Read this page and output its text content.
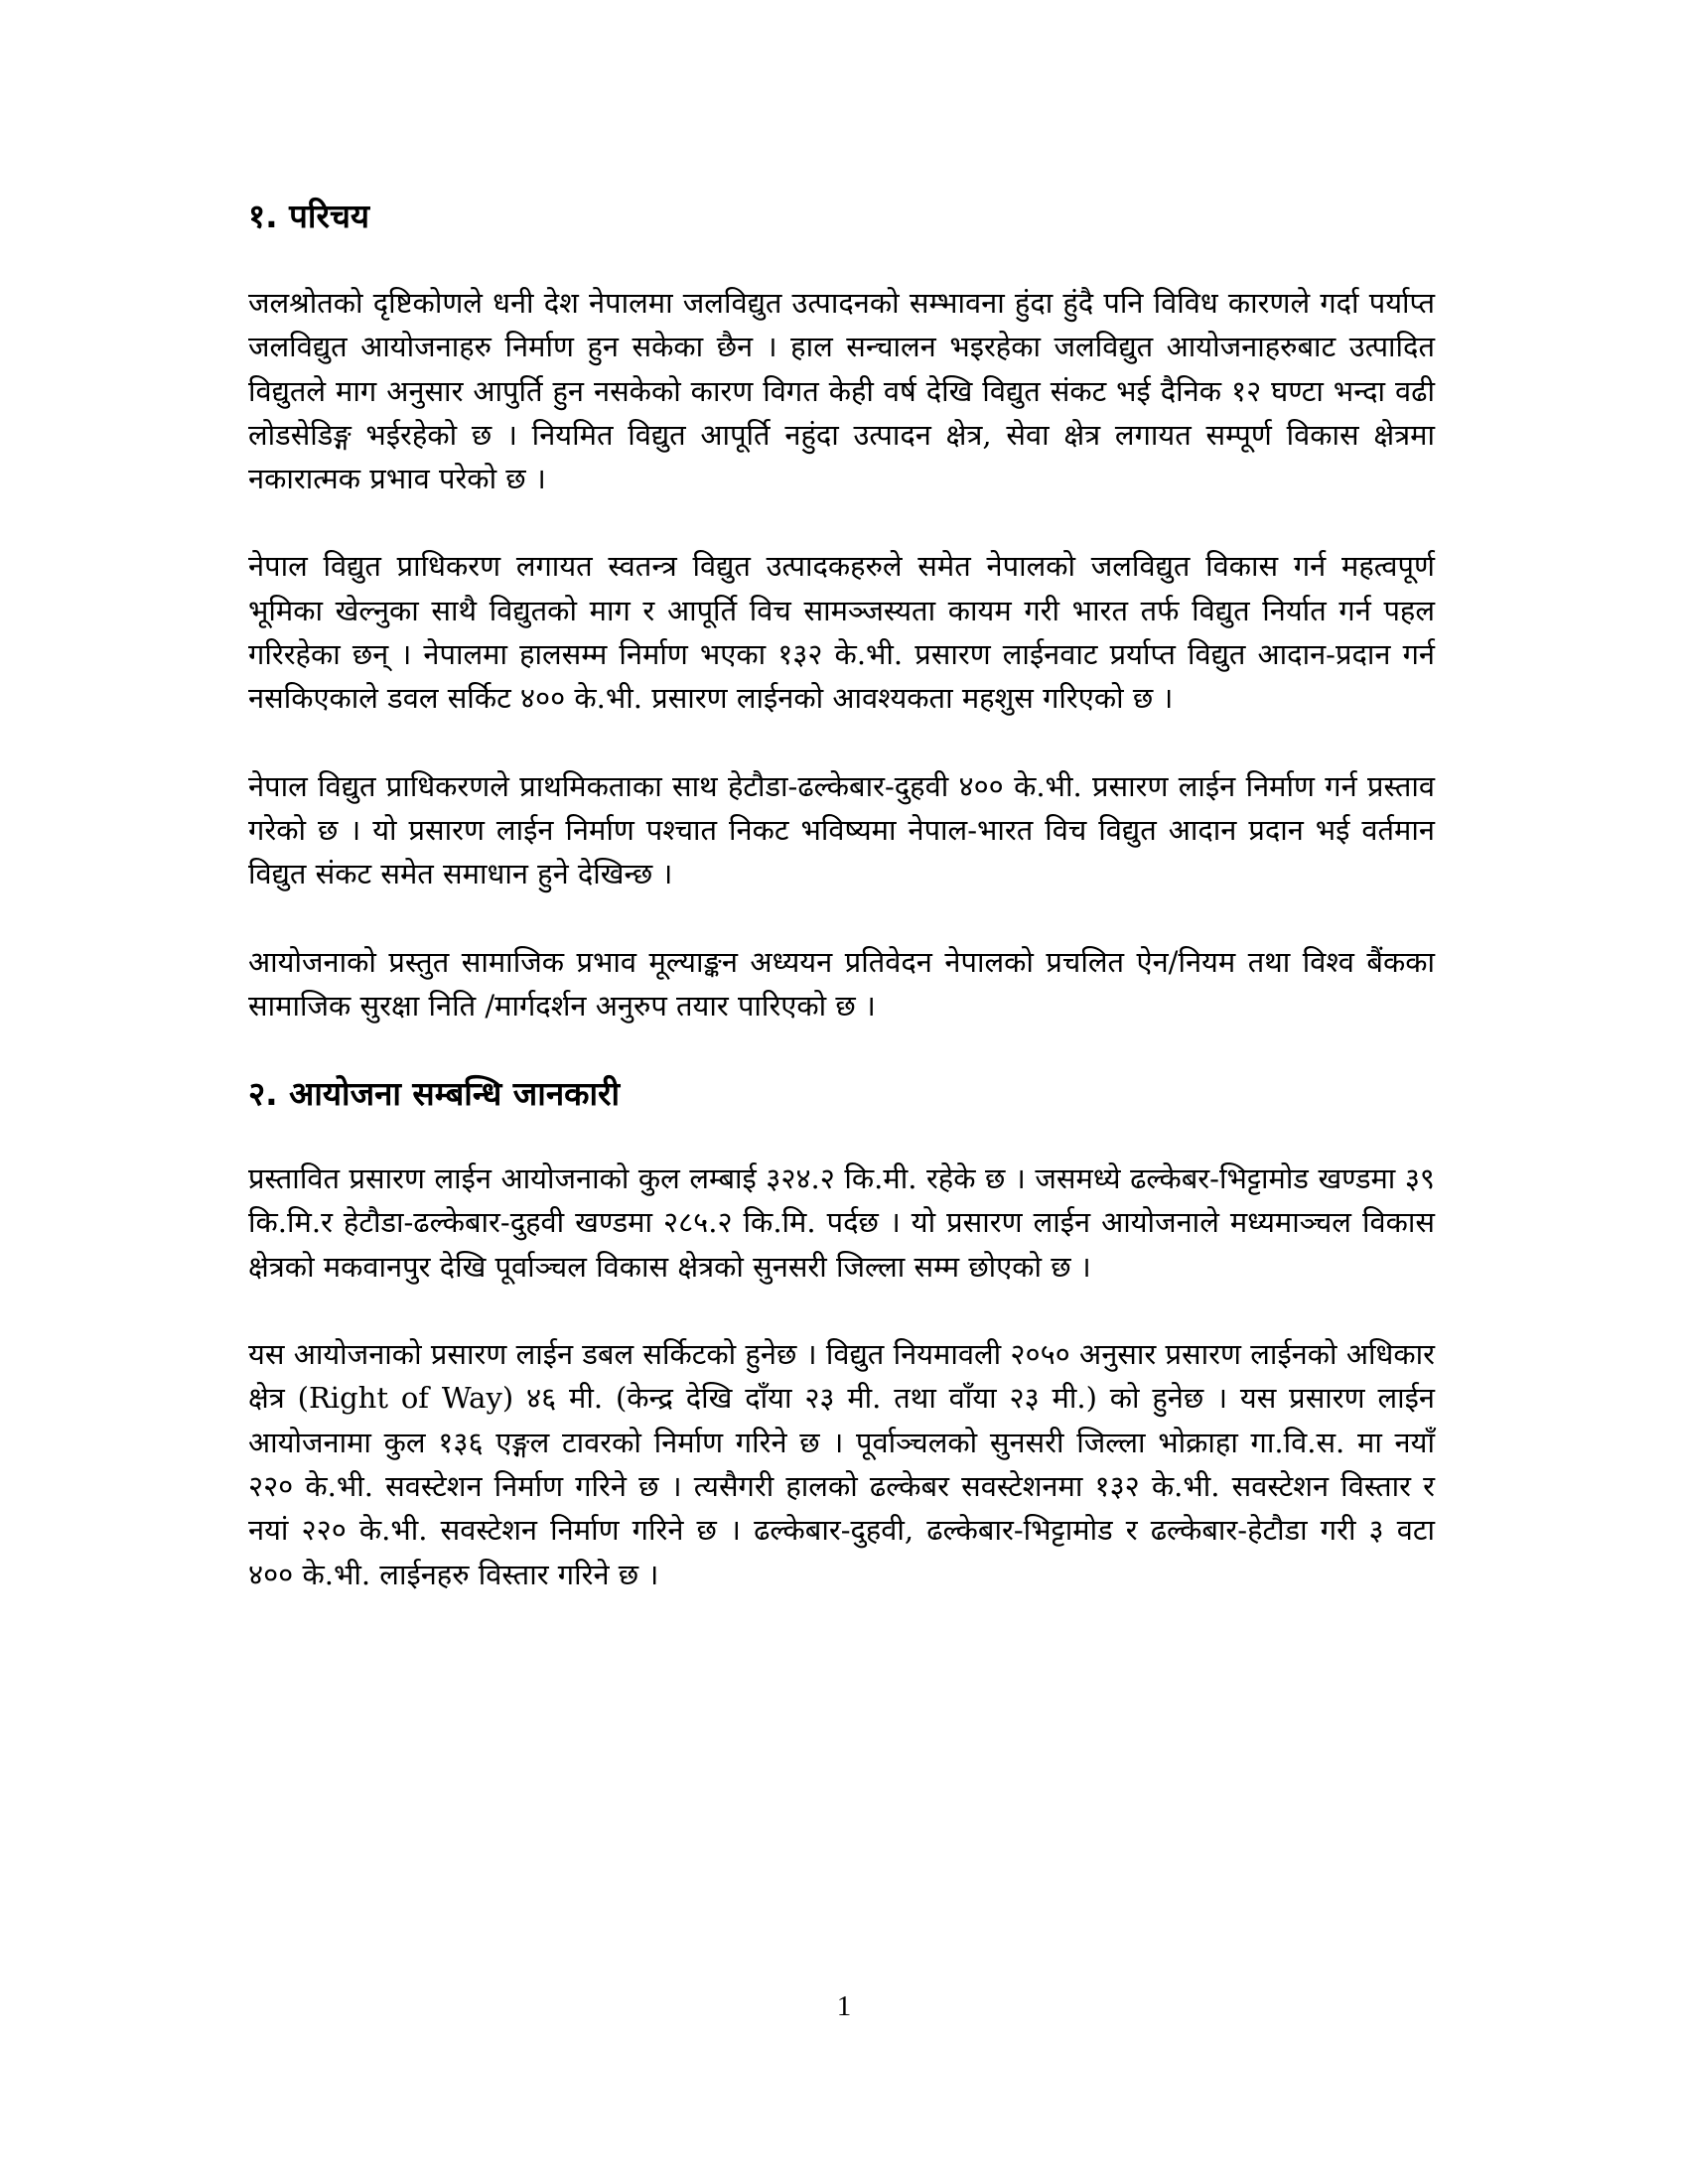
१. परिचय

जलश्रोतको दृष्टिकोणले धनी देश नेपालमा जलविद्युत उत्पादनको सम्भावना हुंदा हुंदै पनि विविध कारणले गर्दा पर्याप्त जलविद्युत आयोजनाहरु निर्माण हुन सकेका छैन । हाल सन्चालन भइरहेका जलविद्युत आयोजनाहरुबाट उत्पादित विद्युतले माग अनुसार आपुर्ति हुन नसकेको कारण विगत केही वर्ष देखि विद्युत संकट भई दैनिक १२ घण्टा भन्दा वढी लोडसेडिङ्ग भईरहेको छ । नियमित विद्युत आपूर्ति नहुंदा उत्पादन क्षेत्र, सेवा क्षेत्र लगायत सम्पूर्ण विकास क्षेत्रमा नकारात्मक प्रभाव परेको छ ।

नेपाल विद्युत प्राधिकरण लगायत स्वतन्त्र विद्युत उत्पादकहरुले समेत नेपालको जलविद्युत विकास गर्न महत्वपूर्ण भूमिका खेल्नुका साथै विद्युतको माग र आपूर्ति विच सामञ्जस्यता कायम गरी भारत तर्फ विद्युत निर्यात गर्न पहल गरिरहेका छन् । नेपालमा हालसम्म निर्माण भएका १३२ के.भी. प्रसारण लाईनवाट प्रर्याप्त विद्युत आदान-प्रदान गर्न नसकिएकाले डवल सर्किट ४०० के.भी. प्रसारण लाईनको आवश्यकता महशुस गरिएको छ ।

नेपाल विद्युत प्राधिकरणले प्राथमिकताका साथ हेटौडा-ढल्केबार-दुहवी ४०० के.भी. प्रसारण लाईन निर्माण गर्न प्रस्ताव गरेको छ । यो प्रसारण लाईन निर्माण पश्चात निकट भविष्यमा नेपाल-भारत विच विद्युत आदान प्रदान भई वर्तमान विद्युत संकट समेत समाधान हुने देखिन्छ ।

आयोजनाको प्रस्तुत सामाजिक प्रभाव मूल्याङ्कन अध्ययन प्रतिवेदन नेपालको प्रचलित ऐन/नियम तथा विश्व बैंकका सामाजिक सुरक्षा निति /मार्गदर्शन अनुरुप तयार पारिएको छ ।

२. आयोजना सम्बन्धि जानकारी

प्रस्तावित प्रसारण लाईन आयोजनाको कुल लम्बाई ३२४.२ कि.मी. रहेके छ । जसमध्ये ढल्केबर-भिट्टामोड खण्डमा ३९ कि.मि.र हेटौडा-ढल्केबार-दुहवी खण्डमा २८५.२ कि.मि. पर्दछ । यो प्रसारण लाईन आयोजनाले मध्यमाञ्चल विकास क्षेत्रको मकवानपुर देखि पूर्वाञ्चल विकास क्षेत्रको सुनसरी जिल्ला सम्म छोएको छ ।

यस आयोजनाको प्रसारण लाईन डबल सर्किटको हुनेछ । विद्युत नियमावली २०५० अनुसार प्रसारण लाईनको अधिकार क्षेत्र (Right of Way) ४६ मी. (केन्द्र देखि दाँया २३ मी. तथा वाँया २३ मी.) को हुनेछ । यस प्रसारण लाईन आयोजनामा कुल १३६ एङ्गल टावरको निर्माण गरिने छ । पूर्वाञ्चलको सुनसरी जिल्ला भोक्राहा गा.वि.स. मा नयाँ २२० के.भी. सवस्टेशन निर्माण गरिने छ । त्यसैगरी हालको ढल्केबर सवस्टेशनमा १३२ के.भी. सवस्टेशन विस्तार र नयां २२० के.भी. सवस्टेशन निर्माण गरिने छ । ढल्केबार-दुहवी, ढल्केबार-भिट्टामोड र ढल्केबार-हेटौडा गरी ३ वटा ४०० के.भी. लाईनहरु विस्तार गरिने छ ।

1
